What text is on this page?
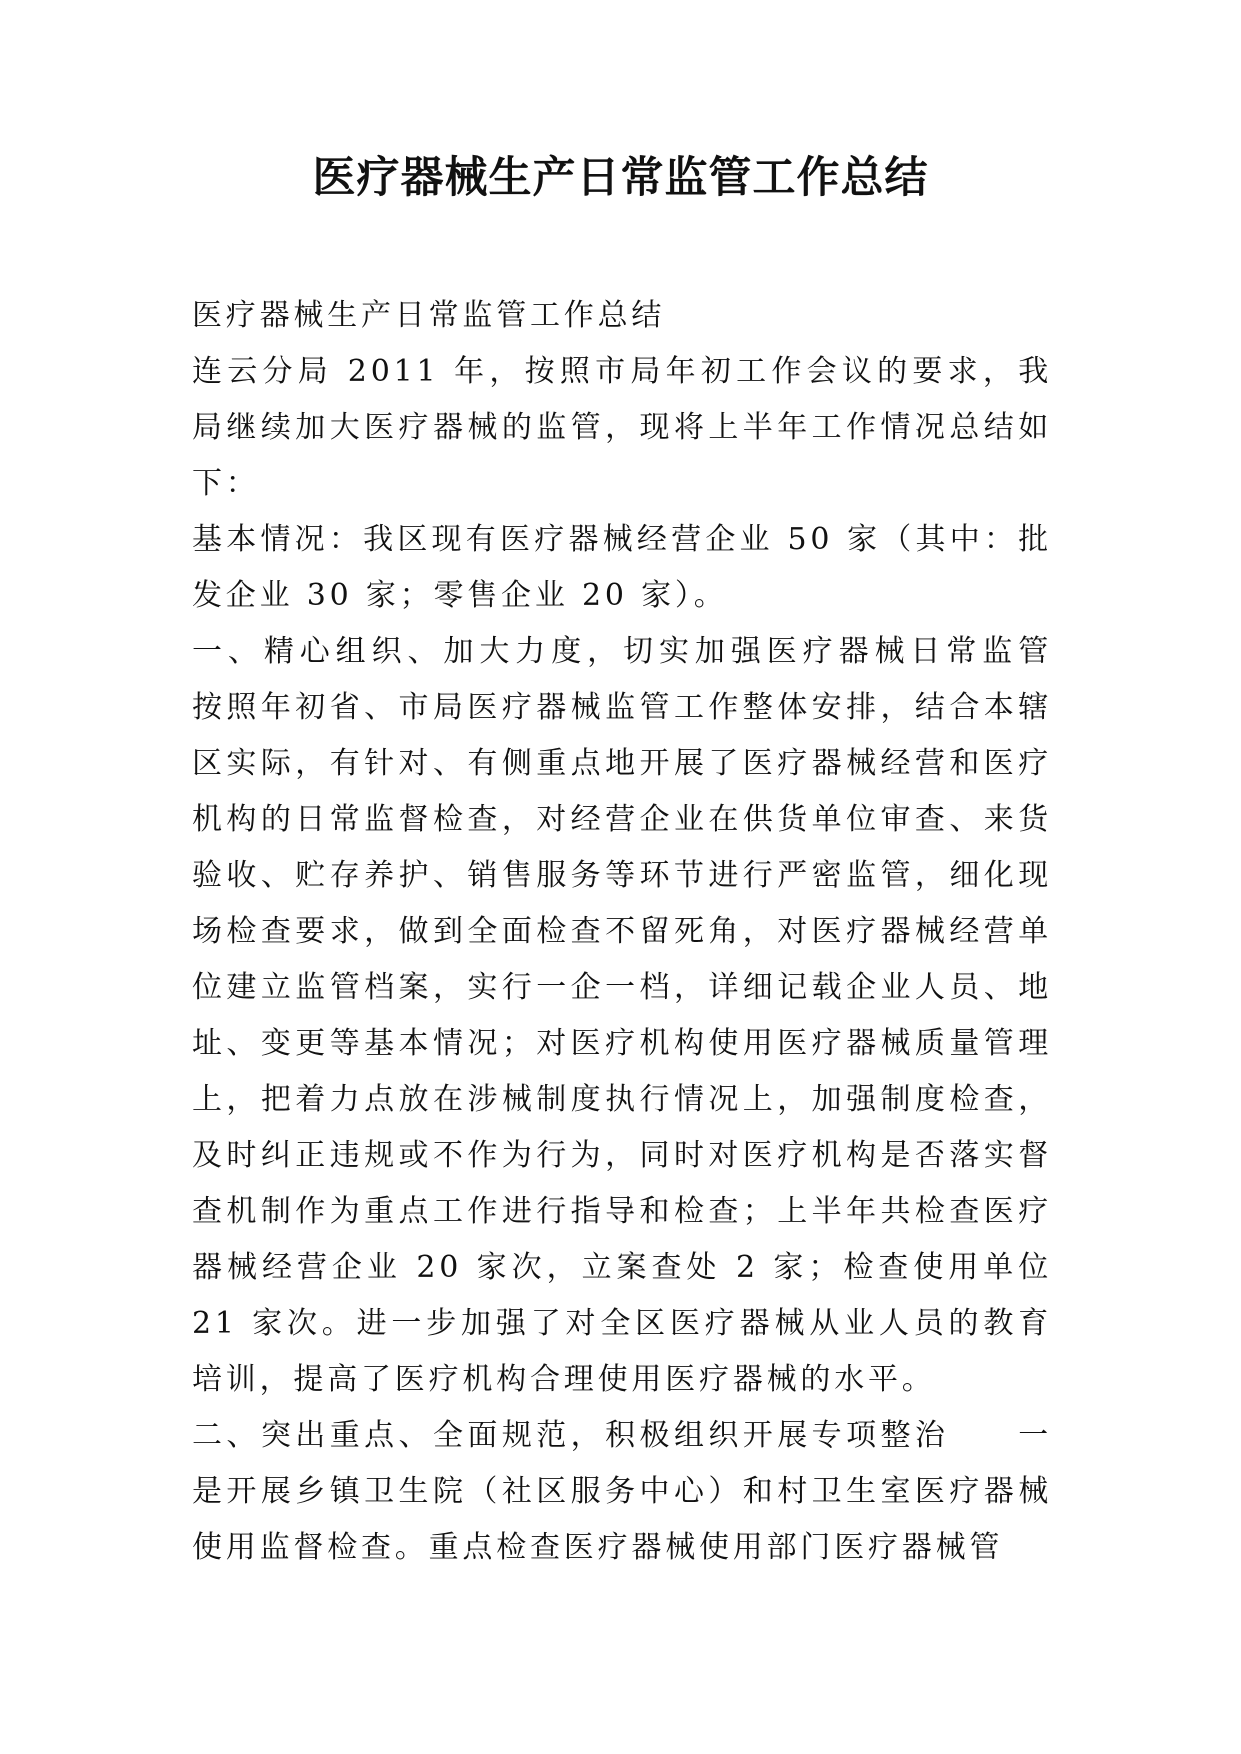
医疗器械生产日常监管工作总结

医疗器械生产日常监管工作总结

连云分局 2011 年，按照市局年初工作会议的要求，我局继续加大医疗器械的监管，现将上半年工作情况总结如下：

基本情况：我区现有医疗器械经营企业 50 家（其中：批发企业 30 家；零售企业 20 家）。

一、精心组织、加大力度，切实加强医疗器械日常监管　按照年初省、市局医疗器械监管工作整体安排，结合本辖区实际，有针对、有侧重点地开展了医疗器械经营和医疗机构的日常监督检查，对经营企业在供货单位审查、来货验收、贮存养护、销售服务等环节进行严密监管，细化现场检查要求，做到全面检查不留死角，对医疗器械经营单位建立监管档案，实行一企一档，详细记载企业人员、地址、变更等基本情况；对医疗机构使用医疗器械质量管理上，把着力点放在涉械制度执行情况上，加强制度检查，及时纠正违规或不作为行为，同时对医疗机构是否落实督查机制作为重点工作进行指导和检查；上半年共检查医疗器械经营企业 20 家次，立案查处 2 家；检查使用单位 21 家次。进一步加强了对全区医疗器械从业人员的教育培训，提高了医疗机构合理使用医疗器械的水平。

二、突出重点、全面规范，积极组织开展专项整治　　一是开展乡镇卫生院（社区服务中心）和村卫生室医疗器械使用监督检查。重点检查医疗器械使用部门医疗器械管
